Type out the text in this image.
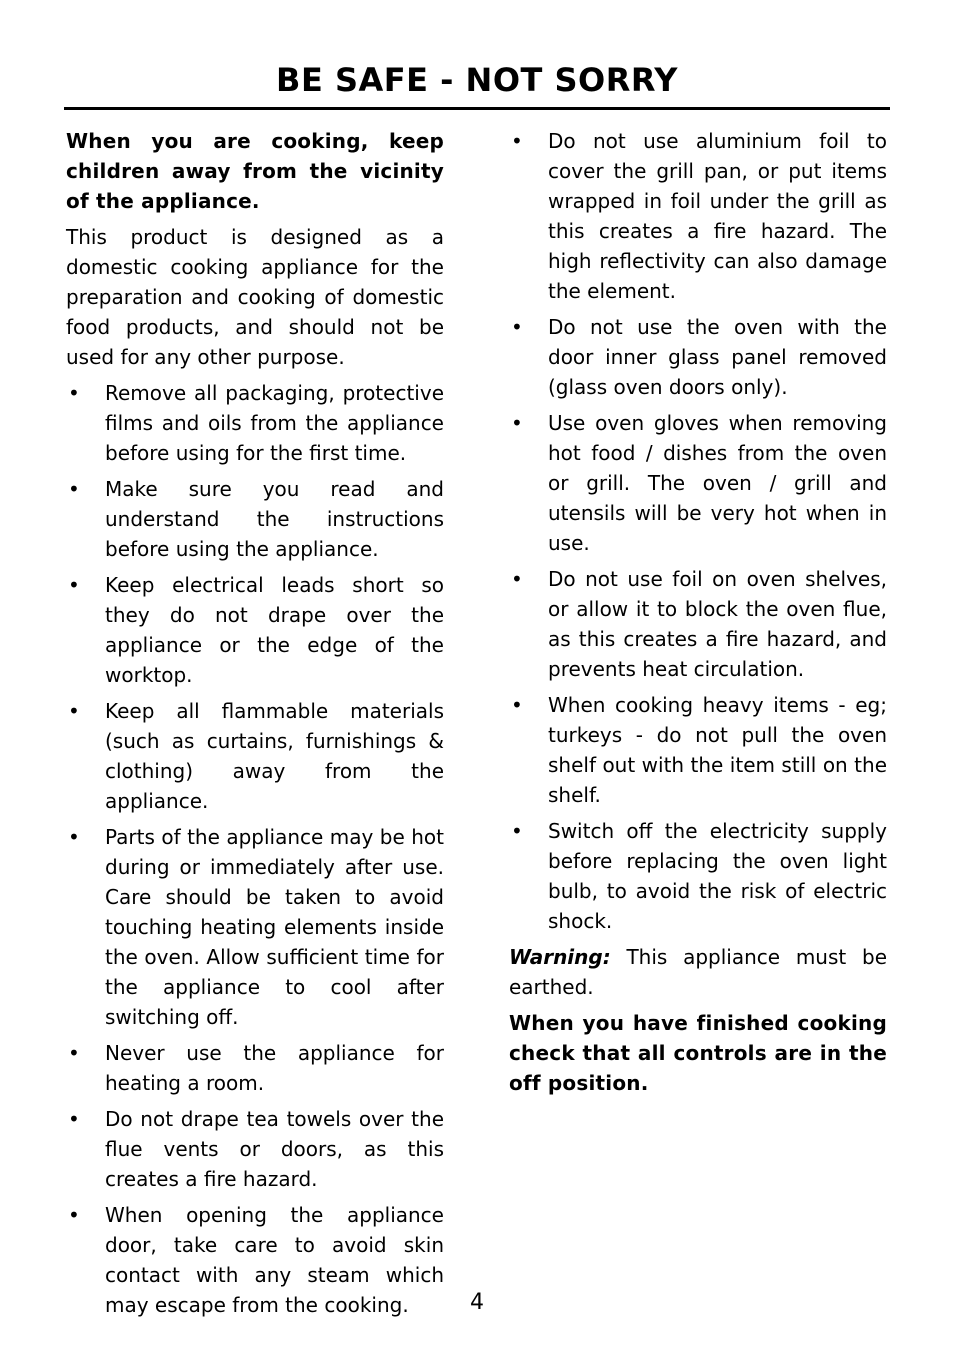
BE SAFE - NOT SORRY

When you are cooking, keep children away from the vicinity of the appliance.

This product is designed as a domestic cooking appliance for the preparation and cooking of domestic food products, and should not be used for any other purpose.

• Remove all packaging, protective films and oils from the appliance before using for the first time.
• Make sure you read and understand the instructions before using the appliance.
• Keep electrical leads short so they do not drape over the appliance or the edge of the worktop.
• Keep all flammable materials (such as curtains, furnishings & clothing) away from the appliance.
• Parts of the appliance may be hot during or immediately after use. Care should be taken to avoid touching heating elements inside the oven. Allow sufficient time for the appliance to cool after switching off.
• Never use the appliance for heating a room.
• Do not drape tea towels over the flue vents or doors, as this creates a fire hazard.
• When opening the appliance door, take care to avoid skin contact with any steam which may escape from the cooking.
• Do not use aluminium foil to cover the grill pan, or put items wrapped in foil under the grill as this creates a fire hazard. The high reflectivity can also damage the element.
• Do not use the oven with the door inner glass panel removed (glass oven doors only).
• Use oven gloves when removing hot food / dishes from the oven or grill. The oven / grill and utensils will be very hot when in use.
• Do not use foil on oven shelves, or allow it to block the oven flue, as this creates a fire hazard, and prevents heat circulation.
• When cooking heavy items - eg; turkeys - do not pull the oven shelf out with the item still on the shelf.
• Switch off the electricity supply before replacing the oven light bulb, to avoid the risk of electric shock.

Warning: This appliance must be earthed.

When you have finished cooking check that all controls are in the off position.

4
